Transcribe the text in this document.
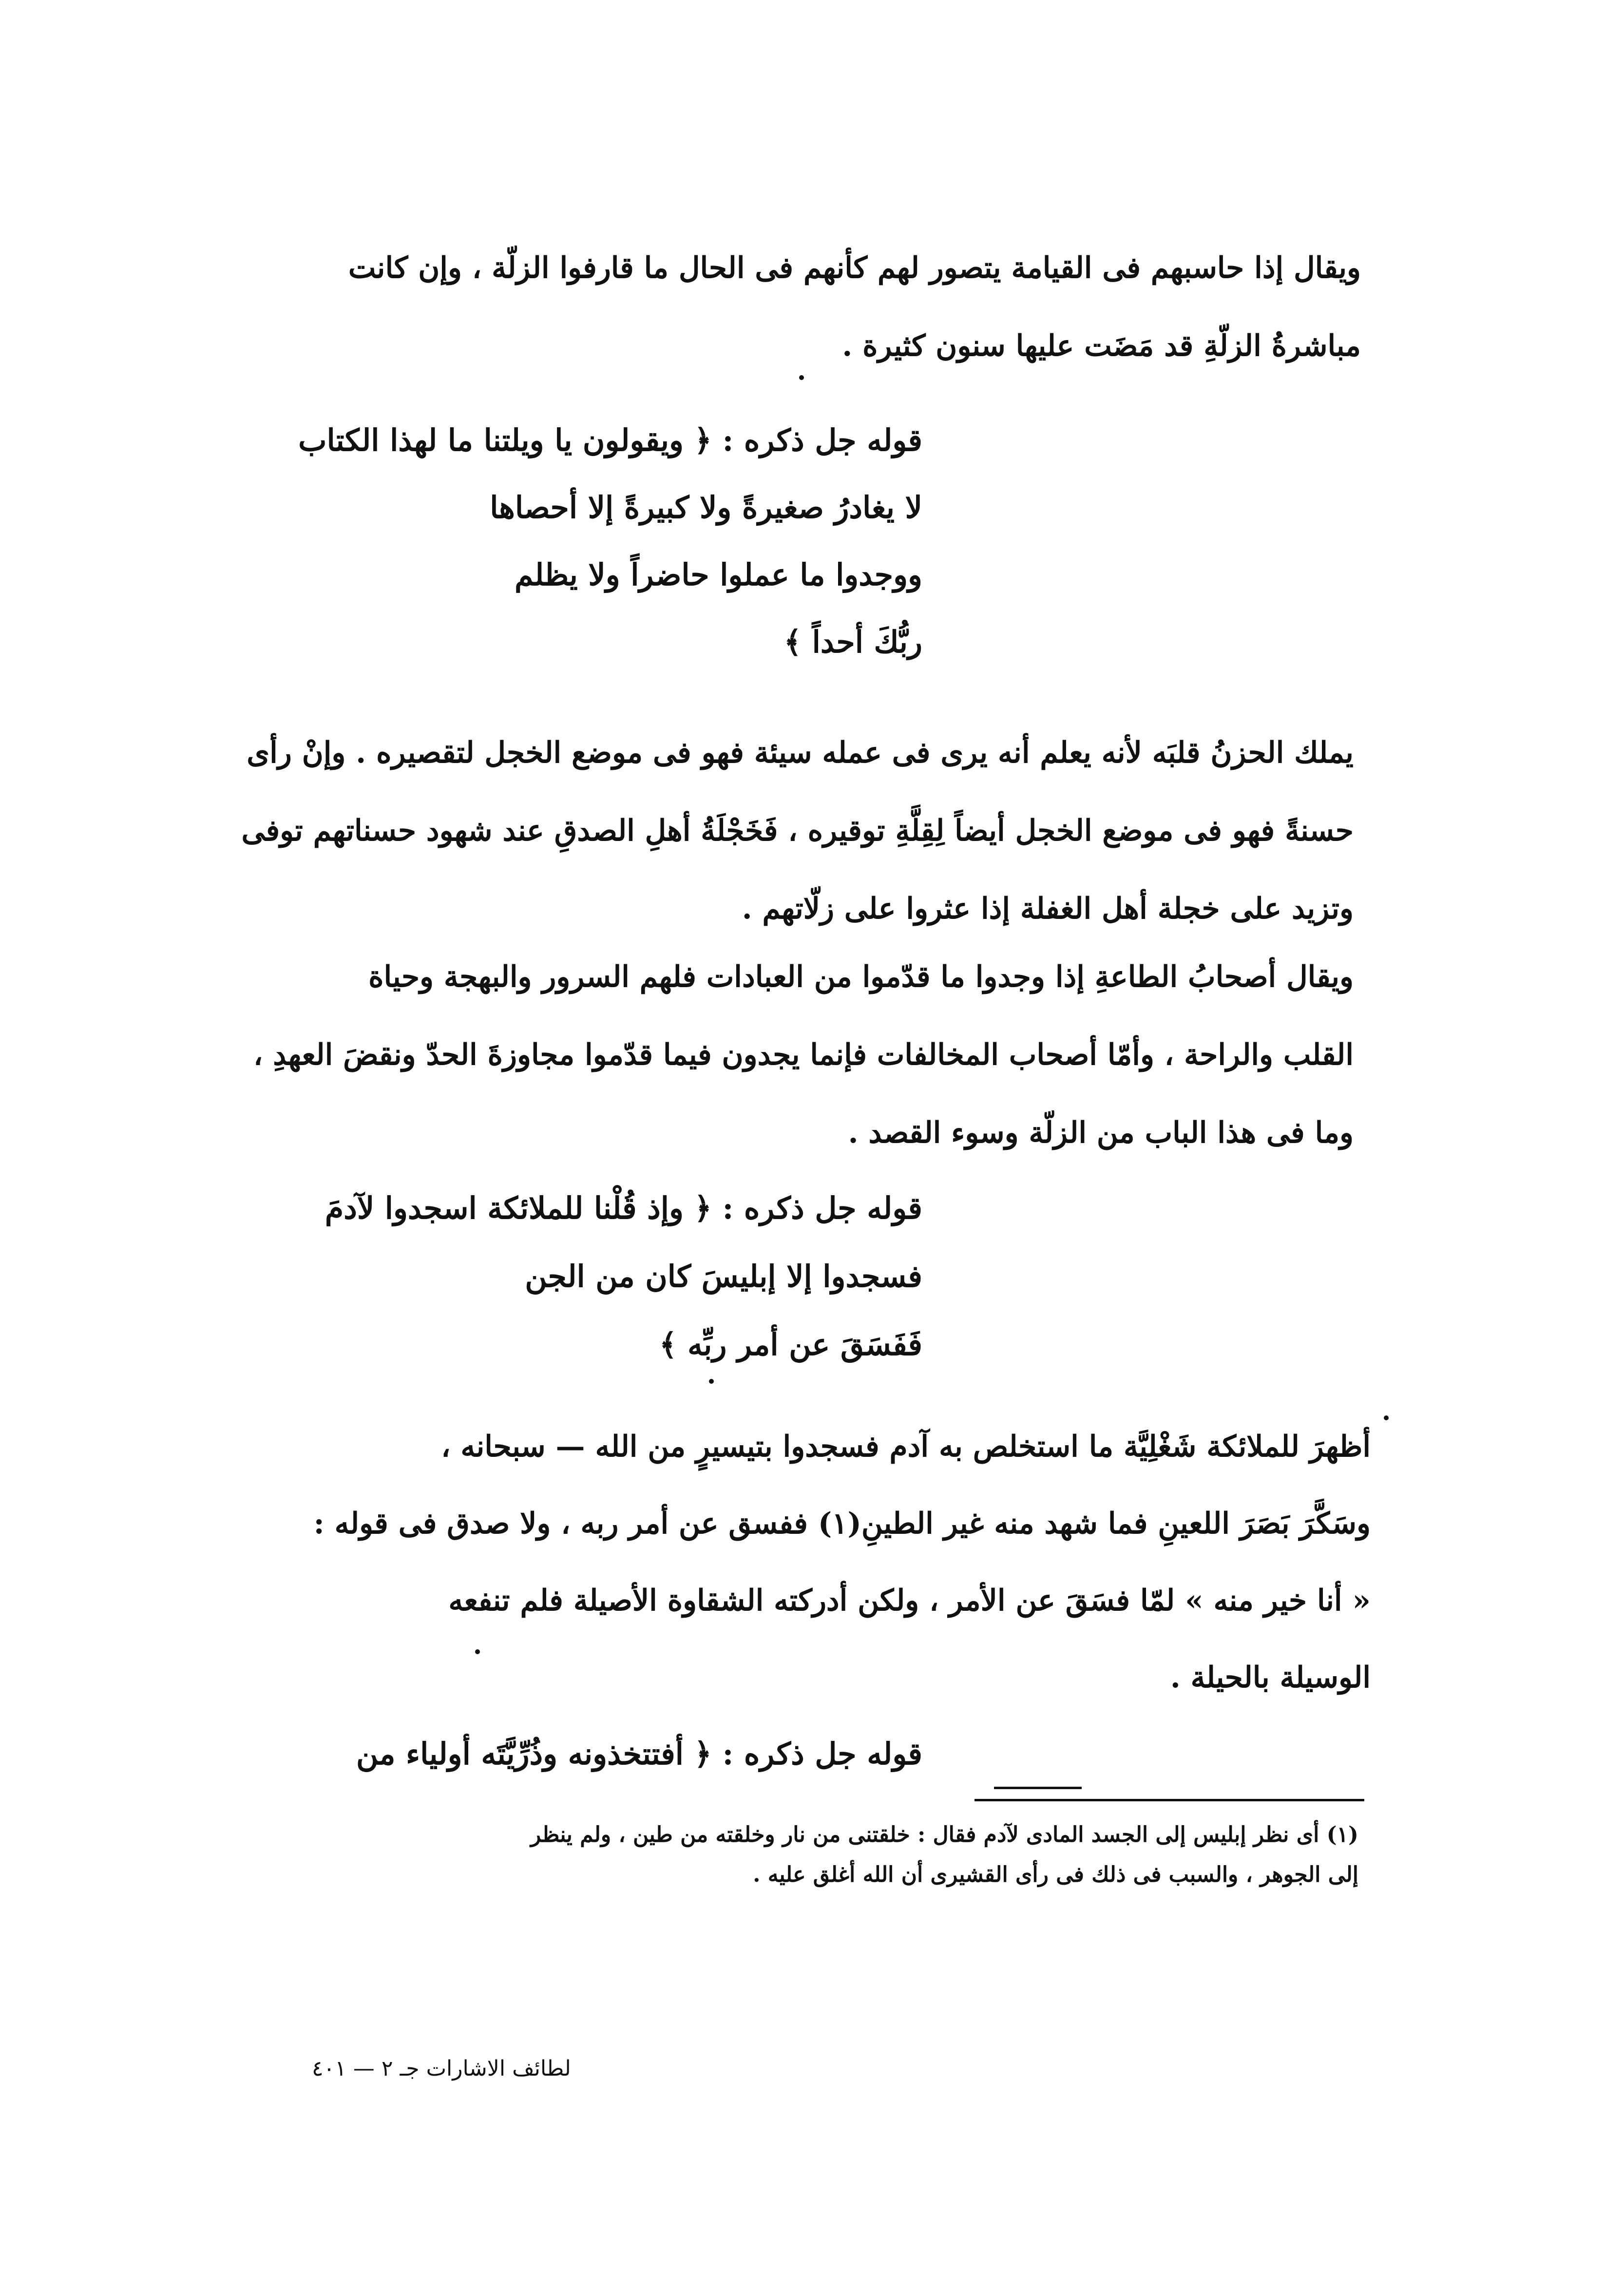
ويقال إذا حاسبهم فى القيامة يتصور لهم كأنهم فى الحال ما قارفوا الزلّة ، وإن كانت
مباشرةُ الزلّةِ قد مَضَت عليها سنون كثيرة .
قوله جل ذكره : ﴿ ويقولون يا ويلتنا ما لهذا الكتاب
لا يغادرُ صغيرةً ولا كبيرةً إلا أحصاها
ووجدوا ما عملوا حاضراً ولا يظلم
ربُّكَ أحداً ﴾
يملك الحزنُ قلبَه لأنه يعلم أنه يرى فى عمله سيئة فهو فى موضع الخجل لتقصيره . وإنْ رأى
حسنةً فهو فى موضع الخجل أيضاً لِقِلَّةِ توقيره ، فَخَجْلَةُ أهلِ الصدقِ عند شهود حسناتهم توفى
وتزيد على خجلة أهل الغفلة إذا عثروا على زلّاتهم .
ويقال أصحابُ الطاعةِ إذا وجدوا ما قدّموا من العبادات فلهم السرور والبهجة وحياة
القلب والراحة ، وأمّا أصحاب المخالفات فإنما يجدون فيما قدّموا مجاوزةَ الحدّ ونقضَ العهدِ ،
وما فى هذا الباب من الزلّة وسوء القصد .
قوله جل ذكره : ﴿ وإذ قُلْنا للملائكة اسجدوا لآدمَ
فسجدوا إلا إبليسَ كان من الجن
فَفَسَقَ عن أمر ربِّه ﴾
أظهرَ للملائكة شَغْلِيَّة ما استخلص به آدم فسجدوا بتيسيرٍ من الله — سبحانه ،
وسَكَّرَ بَصَرَ اللعينِ فما شهد منه غير الطينِ(١) ففسق عن أمر ربه ، ولا صدق فى قوله :
« أنا خير منه » لمّا فسَقَ عن الأمر ، ولكن أدركته الشقاوة الأصيلة فلم تنفعه
الوسيلة بالحيلة .
قوله جل ذكره : ﴿ أفتتخذونه وذُرِّيَّتَه أولياء من
(١) أى نظر إبليس إلى الجسد المادى لآدم فقال : خلقتنى من نار وخلقته من طين ، ولم ينظر
إلى الجوهر ، والسبب فى ذلك فى رأى القشيرى أن الله أغلق عليه .
لطائف الاشارات جـ ٢ — ٤٠١
